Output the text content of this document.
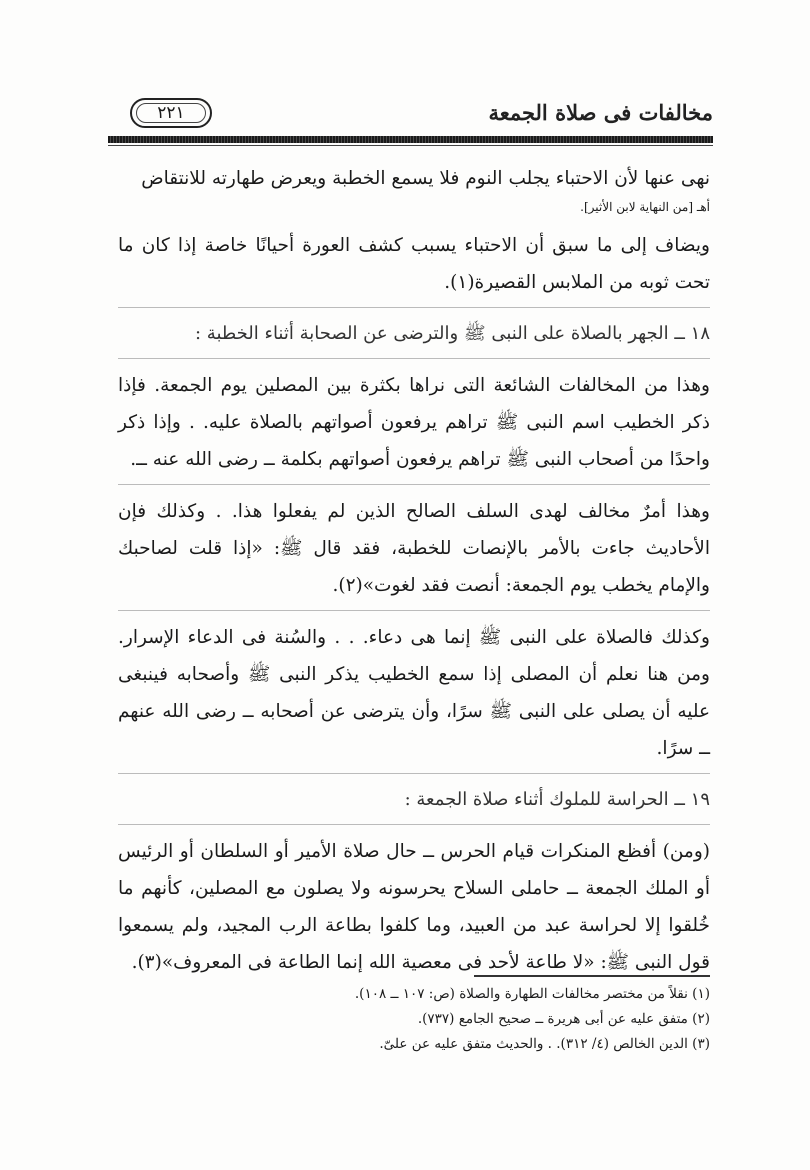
مخالفات فى صلاة الجمعة
٢٢١

نهى عنها لأن الاحتباء يجلب النوم فلا يسمع الخطبة ويعرض طهارته للانتقاض

أهـ [من النهاية لابن الأثير].

ويضاف إلى ما سبق أن الاحتباء يسبب كشف العورة أحيانًا خاصة إذا كان ما تحت ثوبه من الملابس القصيرة(١).

١٨ ــ الجهر بالصلاة على النبى ﷺ والترضى عن الصحابة أثناء الخطبة :

وهذا من المخالفات الشائعة التى نراها بكثرة بين المصلين يوم الجمعة. فإذا ذكر الخطيب اسم النبى ﷺ تراهم يرفعون أصواتهم بالصلاة عليه. . وإذا ذكر واحدًا من أصحاب النبى ﷺ تراهم يرفعون أصواتهم بكلمة ــ رضى الله عنه ــ.

وهذا أمرٌ مخالف لهدى السلف الصالح الذين لم يفعلوا هذا. . وكذلك فإن الأحاديث جاءت بالأمر بالإنصات للخطبة، فقد قال ﷺ: «إذا قلت لصاحبك والإمام يخطب يوم الجمعة: أنصت فقد لغوت»(٢).

وكذلك فالصلاة على النبى ﷺ إنما هى دعاء. . . والسُنة فى الدعاء الإسرار. ومن هنا نعلم أن المصلى إذا سمع الخطيب يذكر النبى ﷺ وأصحابه فينبغى عليه أن يصلى على النبى ﷺ سرًا، وأن يترضى عن أصحابه ــ رضى الله عنهم ــ سرًا.

١٩ ــ الحراسة للملوك أثناء صلاة الجمعة :

(ومن) أفظع المنكرات قيام الحرس ــ حال صلاة الأمير أو السلطان أو الرئيس أو الملك الجمعة ــ حاملى السلاح يحرسونه ولا يصلون مع المصلين، كأنهم ما خُلقوا إلا لحراسة عبد من العبيد، وما كلفوا بطاعة الرب المجيد، ولم يسمعوا قول النبى ﷺ: «لا طاعة لأحد فى معصية الله إنما الطاعة فى المعروف»(٣).

(١) نقلاً من مختصر مخالفات الطهارة والصلاة (ص: ١٠٧ ــ ١٠٨).

(٢) متفق عليه عن أبى هريرة ــ صحيح الجامع (٧٣٧).

(٣) الدين الخالص (٤/ ٣١٢). . والحديث متفق عليه عن علىّ.
